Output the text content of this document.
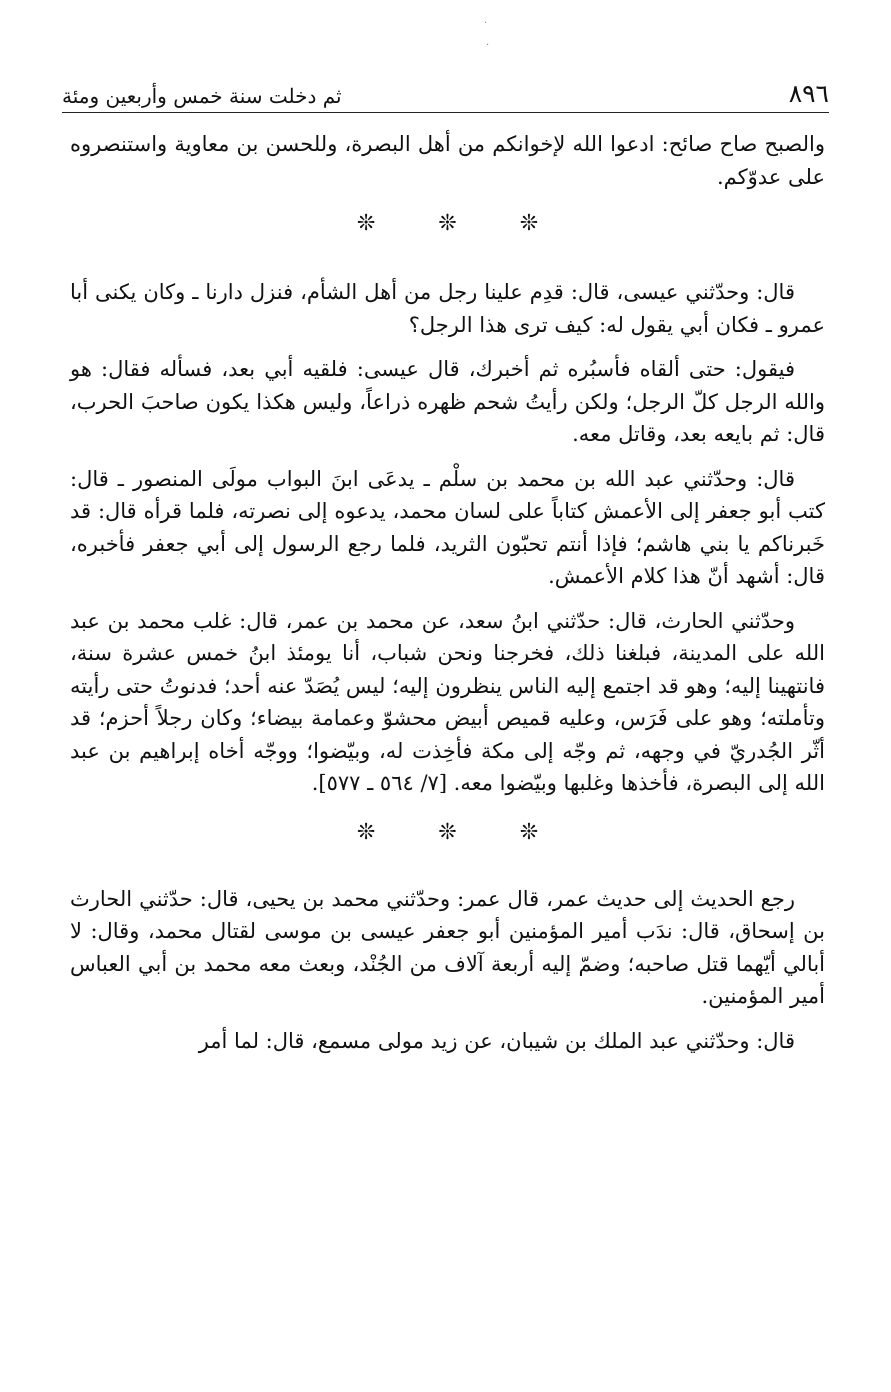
٨٩٦
ثم دخلت سنة خمس وأربعين ومئة

والصبح صاح صائح: ادعوا الله لإخوانكم من أهل البصرة، وللحسن بن معاوية واستنصروه على عدوّكم.

❊ ❊ ❊

قال: وحدّثني عيسى، قال: قدِم علينا رجل من أهل الشأم، فنزل دارنا ـ وكان يكنى أبا عمرو ـ فكان أبي يقول له: كيف ترى هذا الرجل؟

فيقول: حتى ألقاه فأسبُره ثم أخبرك، قال عيسى: فلقيه أبي بعد، فسأله فقال: هو والله الرجل كلّ الرجل؛ ولكن رأيتُ شحم ظهره ذراعاً، وليس هكذا يكون صاحبَ الحرب، قال: ثم بايعه بعد، وقاتل معه.

قال: وحدّثني عبد الله بن محمد بن سلْم ـ يدعَى ابنَ البواب مولَى المنصور ـ قال: كتب أبو جعفر إلى الأعمش كتاباً على لسان محمد، يدعوه إلى نصرته، فلما قرأه قال: قد خَبرناكم يا بني هاشم؛ فإذا أنتم تحبّون الثريد، فلما رجع الرسول إلى أبي جعفر فأخبره، قال: أشهد أنّ هذا كلام الأعمش.

وحدّثني الحارث، قال: حدّثني ابنُ سعد، عن محمد بن عمر، قال: غلب محمد بن عبد الله على المدينة، فبلغنا ذلك، فخرجنا ونحن شباب، أنا يومئذ ابنُ خمس عشرة سنة، فانتهينا إليه؛ وهو قد اجتمع إليه الناس ينظرون إليه؛ ليس يُصَدّ عنه أحد؛ فدنوتُ حتى رأيته وتأملته؛ وهو على فَرَس، وعليه قميص أبيض محشوّ وعمامة بيضاء؛ وكان رجلاً أحزم؛ قد أثّر الجُدريّ في وجهه، ثم وجّه إلى مكة فأخِذت له، وبيّضوا؛ ووجّه أخاه إبراهيم بن عبد الله إلى البصرة، فأخذها وغلبها وبيّضوا معه. [٧/ ٥٦٤ ـ ٥٧٧].

❊ ❊ ❊

رجع الحديث إلى حديث عمر، قال عمر: وحدّثني محمد بن يحيى، قال: حدّثني الحارث بن إسحاق، قال: ندَب أمير المؤمنين أبو جعفر عيسى بن موسى لقتال محمد، وقال: لا أبالي أيّهما قتل صاحبه؛ وضمّ إليه أربعة آلاف من الجُنْد، وبعث معه محمد بن أبي العباس أمير المؤمنين.

قال: وحدّثني عبد الملك بن شيبان، عن زيد مولى مسمع، قال: لما أمر

·
·
